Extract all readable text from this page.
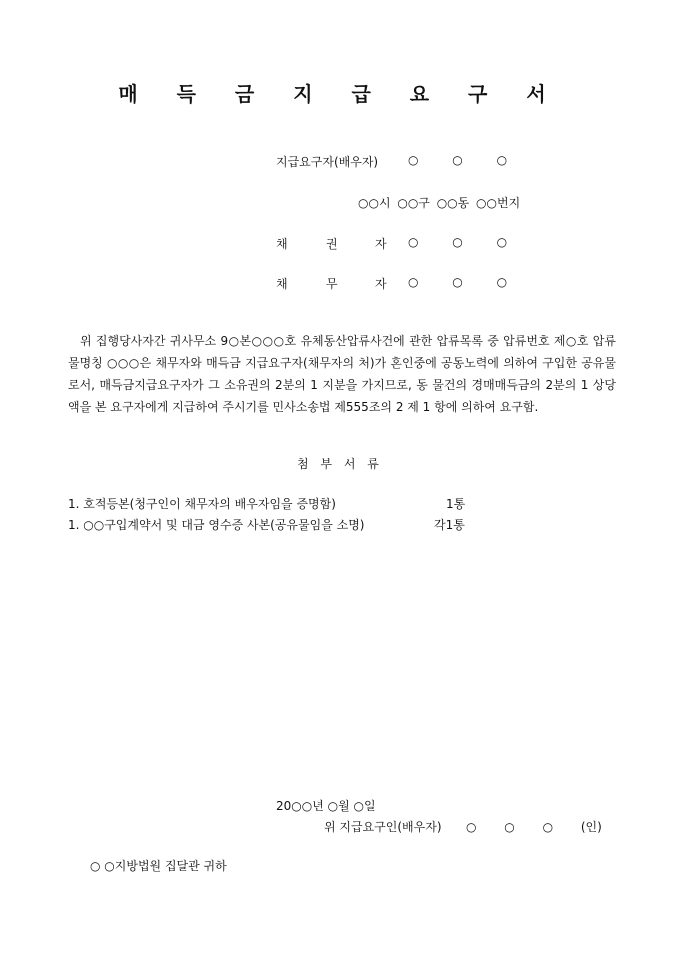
매 득 금 지 급 요 구 서
지급요구자(배우자) ○ ○ ○
○○시 ○○구 ○○동 ○○번지
채	권	자 ○ ○ ○
채	무	자 ○ ○ ○

위 집행당사자간 귀사무소 9○본○○○호 유체동산압류사건에 관한 압류목록 중 압류번호 제○호 압류물명칭 ○○○은 채무자와 매득금 지급요구자(채무자의 처)가 혼인중에 공동노력에 의하여 구입한 공유물로서, 매득금지급요구자가 그 소유권의 2분의 1 지분을 가지므로, 동 물건의 경매매득금의 2분의 1 상당액을 본 요구자에게 지급하여 주시기를 민사소송법 제555조의 2 제 1 항에 의하여 요구함.

첨 부 서 류
1. 호적등본(청구인이 채무자의 배우자임을 증명함)	1통
1. ○○구입계약서 및 대금 영수증 사본(공유물임을 소명)	각1통
20○○년 ○월 ○일
위 지급요구인(배우자) ○ ○ ○ (인)
○ ○지방법원 집달관 귀하
